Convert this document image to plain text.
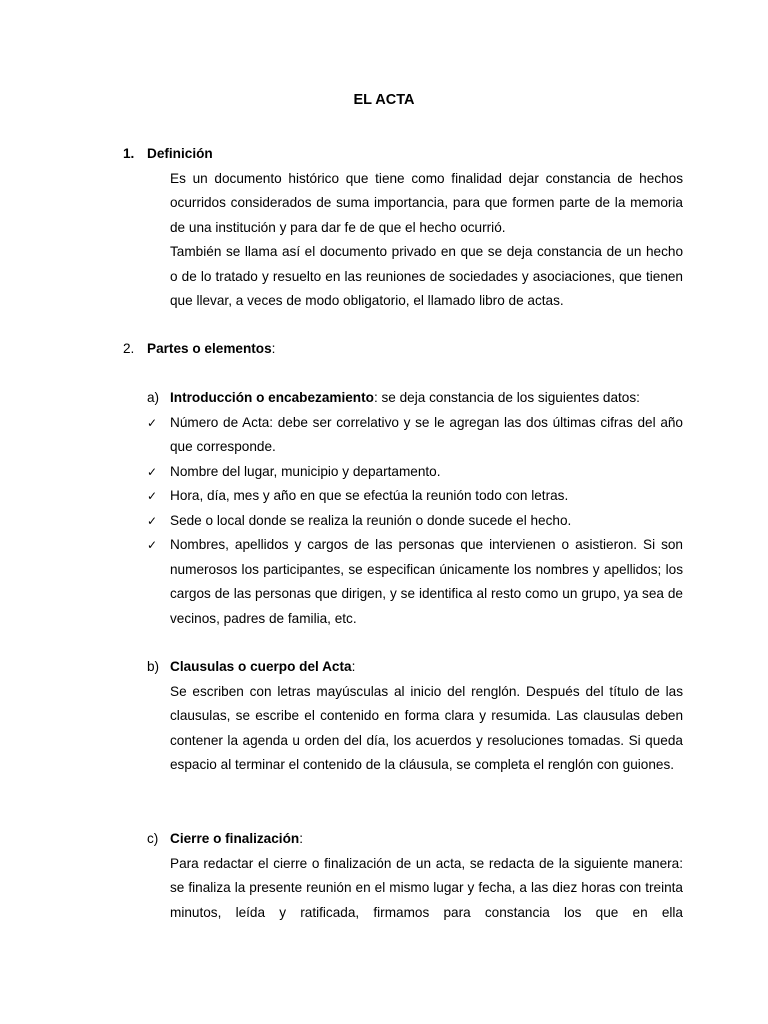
EL ACTA
1. Definición

Es un documento histórico que tiene como finalidad dejar constancia de hechos ocurridos considerados de suma importancia, para que formen parte de la memoria de una institución y para dar fe de que el hecho ocurrió.

También se llama así el documento privado en que se deja constancia de un hecho o de lo tratado y resuelto en las reuniones de sociedades y asociaciones, que tienen que llevar, a veces de modo obligatorio, el llamado libro de actas.

2. Partes o elementos:
a) Introducción o encabezamiento: se deja constancia de los siguientes datos:
✓ Número de Acta: debe ser correlativo y se le agregan las dos últimas cifras del año que corresponde.
✓ Nombre del lugar, municipio y departamento.
✓ Hora, día, mes y año en que se efectúa la reunión todo con letras.
✓ Sede o local donde se realiza la reunión o donde sucede el hecho.
✓ Nombres, apellidos y cargos de las personas que intervienen o asistieron. Si son numerosos los participantes, se especifican únicamente los nombres y apellidos; los cargos de las personas que dirigen, y se identifica al resto como un grupo, ya sea de vecinos, padres de familia, etc.
b) Clausulas o cuerpo del Acta:

Se escriben con letras mayúsculas al inicio del renglón. Después del título de las clausulas, se escribe el contenido en forma clara y resumida. Las clausulas deben contener la agenda u orden del día, los acuerdos y resoluciones tomadas. Si queda espacio al terminar el contenido de la cláusula, se completa el renglón con guiones.

c) Cierre o finalización:

Para redactar el cierre o finalización de un acta, se redacta de la siguiente manera: se finaliza la presente reunión en el mismo lugar y fecha, a las diez horas con treinta minutos, leída y ratificada, firmamos para constancia los que en ella
